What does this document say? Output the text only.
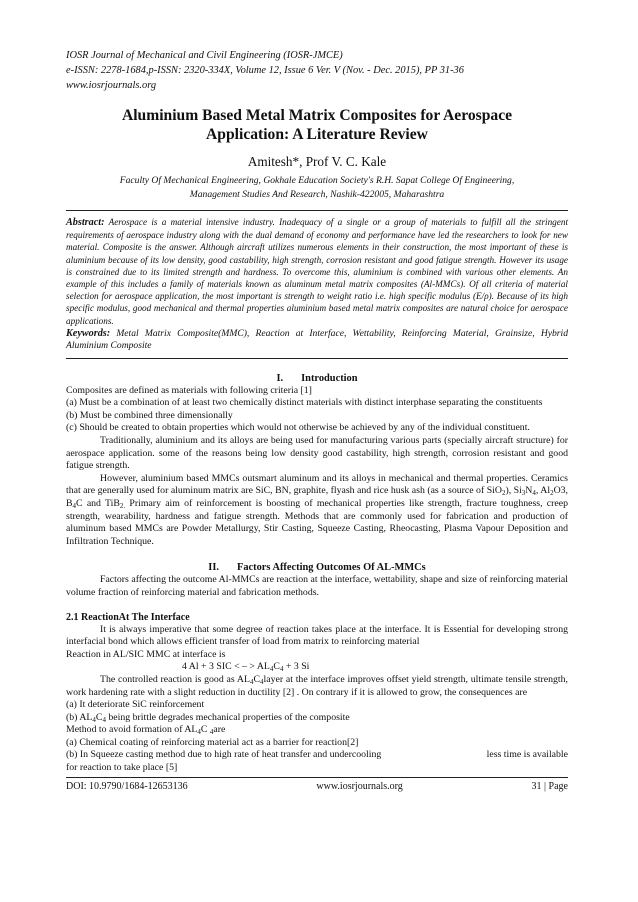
IOSR Journal of Mechanical and Civil Engineering (IOSR-JMCE)
e-ISSN: 2278-1684,p-ISSN: 2320-334X, Volume 12, Issue 6 Ver. V (Nov. - Dec. 2015), PP 31-36
www.iosrjournals.org
Aluminium Based Metal Matrix Composites for Aerospace
Application: A Literature Review
Amitesh*, Prof V. C. Kale
Faculty Of Mechanical Engineering, Gokhale Education Society's R.H. Sapat College Of Engineering,
Management Studies And Research, Nashik-422005, Maharashtra
Abstract: Aerospace is a material intensive industry. Inadequacy of a single or a group of materials to fulfill all the stringent requirements of aerospace industry along with the dual demand of economy and performance have led the researchers to look for new material. Composite is the answer. Although aircraft utilizes numerous elements in their construction, the most important of these is aluminium because of its low density, good castability, high strength, corrosion resistant and good fatigue strength. However its usage is constrained due to its limited strength and hardness. To overcome this, aluminium is combined with various other elements. An example of this includes a family of materials known as aluminum metal matrix composites (Al-MMCs). Of all criteria of material selection for aerospace application, the most important is strength to weight ratio i.e. high specific modulus (E/ρ). Because of its high specific modulus, good mechanical and thermal properties aluminium based metal matrix composites are natural choice for aerospace applications.
Keywords: Metal Matrix Composite(MMC), Reaction at Interface, Wettability, Reinforcing Material, Grainsize, Hybrid Aluminium Composite
I. Introduction

Composites are defined as materials with following criteria [1]

(a) Must be a combination of at least two chemically distinct materials with distinct interphase separating the constituents

(b) Must be combined three dimensionally

(c) Should be created to obtain properties which would not otherwise be achieved by any of the individual constituent.

Traditionally, aluminium and its alloys are being used for manufacturing various parts (specially aircraft structure) for aerospace application. some of the reasons being low density good castability, high strength, corrosion resistant and good fatigue strength.

However, aluminium based MMCs outsmart aluminum and its alloys in mechanical and thermal properties. Ceramics that are generally used for aluminum matrix are SiC, BN, graphite, flyash and rice husk ash (as a source of SiO$_2$), $Si_3N_4$, $Al_2O3$, $B_4C$ and TiB$_{2.}$ Primary aim of reinforcement is boosting of mechanical properties like strength, fracture toughness, creep strength, wearability, hardness and fatigue strength. Methods that are commonly used for fabrication and production of aluminum based MMCs are Powder Metallurgy, Stir Casting, Squeeze Casting, Rheocasting, Plasma Vapour Deposition and Infiltration Technique.

II. Factors Affecting Outcomes Of AL-MMCs

Factors affecting the outcome Al-MMCs are reaction at the interface, wettability, shape and size of reinforcing material volume fraction of reinforcing material and fabrication methods.

2.1 ReactionAt The Interface

It is always imperative that some degree of reaction takes place at the interface. It is Essential for developing strong interfacial bond which allows efficient transfer of load from matrix to reinforcing material

Reaction in AL/SIC MMC at interface is

4 Al + 3 SIC < – > $AL_4C_4 + 3$ Si

The controlled reaction is good as $AL_4C_4layer$ at the interface improves offset yield strength, ultimate tensile strength, work hardening rate with a slight reduction in ductility [2] . On contrary if it is allowed to grow, the consequences are

(a) It deteriorate SiC reinforcement

(b) $AL_4C_4$ being brittle degrades mechanical properties of the composite

Method to avoid formation of $AL_4C$ $_4$are

(a) Chemical coating of reinforcing material act as a barrier for reaction[2]

(b) In Squeeze casting method due to high rate of heat transfer and undercooling	less time is available

for reaction to take place [5]

DOI: 10.9790/1684-12653136	www.iosrjournals.org	31 | Page
